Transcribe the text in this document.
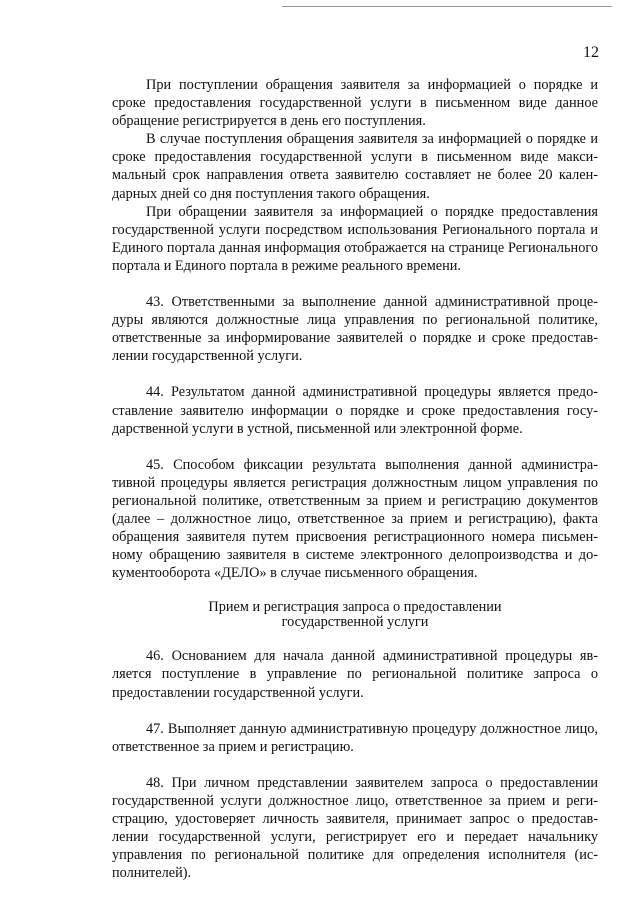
12

При поступлении обращения заявителя за информацией о порядке и сроке предоставления государственной услуги в письменном виде данное обращение регистрируется в день его поступления.

В случае поступления обращения заявителя за информацией о порядке и сроке предоставления государственной услуги в письменном виде максимальный срок направления ответа заявителю составляет не более 20 календарных дней со дня поступления такого обращения.

При обращении заявителя за информацией о порядке предоставления государственной услуги посредством использования Регионального портала и Единого портала данная информация отображается на странице Регионального портала и Единого портала в режиме реального времени.

43. Ответственными за выполнение данной административной процедуры являются должностные лица управления по региональной политике, ответственные за информирование заявителей о порядке и сроке предоставлении государственной услуги.

44. Результатом данной административной процедуры является предоставление заявителю информации о порядке и сроке предоставления государственной услуги в устной, письменной или электронной форме.

45. Способом фиксации результата выполнения данной административной процедуры является регистрация должностным лицом управления по региональной политике, ответственным за прием и регистрацию документов (далее – должностное лицо, ответственное за прием и регистрацию), факта обращения заявителя путем присвоения регистрационного номера письменному обращению заявителя в системе электронного делопроизводства и документооборота «ДЕЛО» в случае письменного обращения.

Прием и регистрация запроса о предоставлении
государственной услуги

46. Основанием для начала данной административной процедуры является поступление в управление по региональной политике запроса о предоставлении государственной услуги.

47. Выполняет данную административную процедуру должностное лицо, ответственное за прием и регистрацию.

48. При личном представлении заявителем запроса о предоставлении государственной услуги должностное лицо, ответственное за прием и регистрацию, удостоверяет личность заявителя, принимает запрос о предоставлении государственной услуги, регистрирует его и передает начальнику управления по региональной политике для определения исполнителя (исполнителей).
